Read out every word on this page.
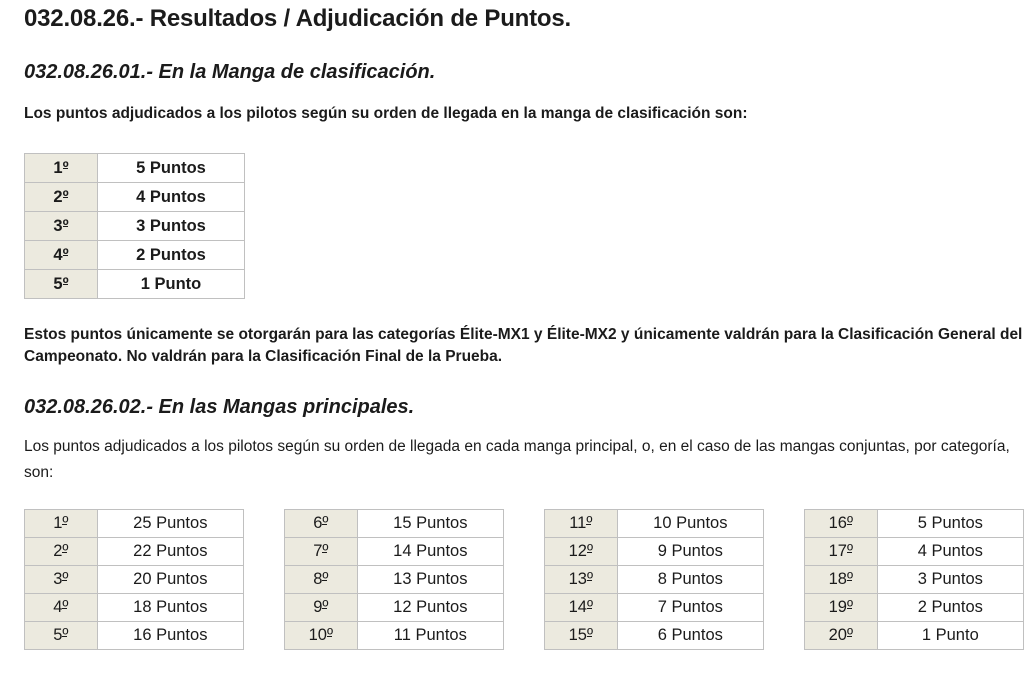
032.08.26.- Resultados / Adjudicación de Puntos.
032.08.26.01.- En la Manga de clasificación.
Los puntos adjudicados a los pilotos según su orden de llegada en la manga de clasificación son:
1º	5 Puntos
2º	4 Puntos
3º	3 Puntos
4º	2 Puntos
5º	1 Punto
Estos puntos únicamente se otorgarán para las categorías Élite-MX1 y Élite-MX2 y únicamente valdrán para la Clasificación General del Campeonato. No valdrán para la Clasificación Final de la Prueba.
032.08.26.02.- En las Mangas principales.
Los puntos adjudicados a los pilotos según su orden de llegada en cada manga principal, o, en el caso de las mangas conjuntas, por categoría, son:
1º	25 Puntos
2º	22 Puntos
3º	20 Puntos
4º	18 Puntos
5º	16 Puntos
6º	15 Puntos
7º	14 Puntos
8º	13 Puntos
9º	12 Puntos
10º	11 Puntos
11º	10 Puntos
12º	9 Puntos
13º	8 Puntos
14º	7 Puntos
15º	6 Puntos
16º	5 Puntos
17º	4 Puntos
18º	3 Puntos
19º	2 Puntos
20º	1 Punto
